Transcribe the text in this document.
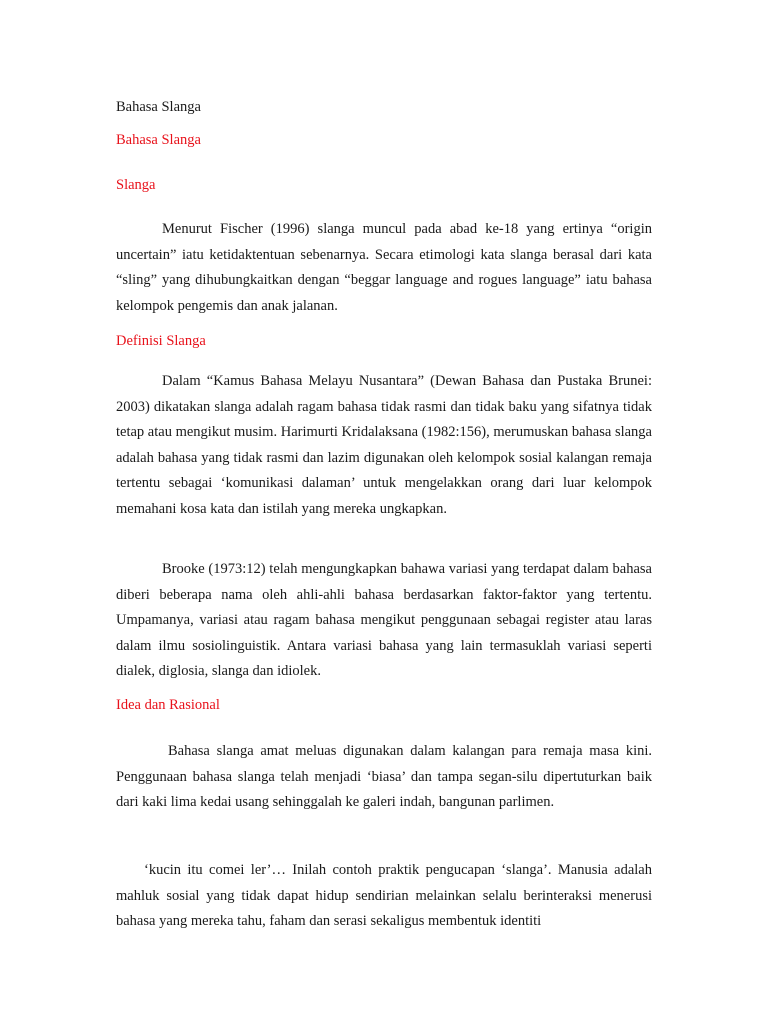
Bahasa Slanga

Bahasa Slanga

Slanga

Menurut Fischer (1996) slanga muncul pada abad ke-18 yang ertinya “origin uncertain” iatu ketidaktentuan sebenarnya. Secara etimologi kata slanga berasal dari kata “sling” yang dihubungkaitkan dengan “beggar language and rogues language” iatu bahasa kelompok pengemis dan anak jalanan.

Definisi Slanga

Dalam “Kamus Bahasa Melayu Nusantara” (Dewan Bahasa dan Pustaka Brunei: 2003) dikatakan slanga adalah ragam bahasa tidak rasmi dan tidak baku yang sifatnya tidak tetap atau mengikut musim. Harimurti Kridalaksana (1982:156), merumuskan bahasa slanga adalah bahasa yang tidak rasmi dan lazim digunakan oleh kelompok sosial kalangan remaja tertentu sebagai ‘komunikasi dalaman’ untuk mengelakkan orang dari luar kelompok memahani kosa kata dan istilah yang mereka ungkapkan.

Brooke (1973:12) telah mengungkapkan bahawa variasi yang terdapat dalam bahasa diberi beberapa nama oleh ahli-ahli bahasa berdasarkan faktor-faktor yang tertentu. Umpamanya, variasi atau ragam bahasa mengikut penggunaan sebagai register atau laras dalam ilmu sosiolinguistik. Antara variasi bahasa yang lain termasuklah variasi seperti dialek, diglosia, slanga dan idiolek.

Idea dan Rasional

Bahasa slanga amat meluas digunakan dalam kalangan para remaja masa kini. Penggunaan bahasa slanga telah menjadi ‘biasa’ dan tampa segan-silu dipertuturkan baik dari kaki lima kedai usang sehinggalah ke galeri indah, bangunan parlimen.

‘kucin itu comei ler’… Inilah contoh praktik pengucapan ‘slanga’. Manusia adalah mahluk sosial yang tidak dapat hidup sendirian melainkan selalu berinteraksi menerusi bahasa yang mereka tahu, faham dan serasi sekaligus membentuk identiti
